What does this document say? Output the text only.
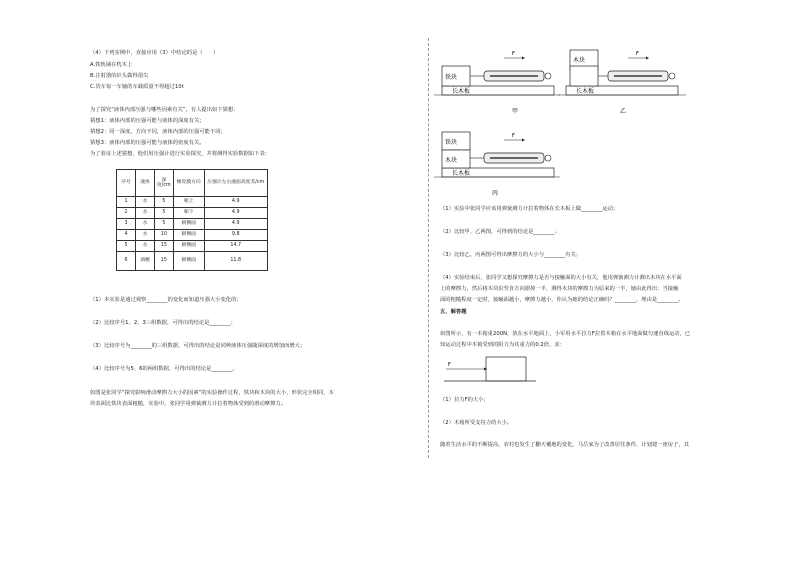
（4）下列实例中，直接应用（3）中结论的是（　　）
A.铁轨铺在枕木上
B.注射器的针头做得很尖
C.货车每一车轴的车载质量不得超过10t
为了探究“液体内部压强与哪些因素有关”，有人提出如下猜想：
猜想1：液体内部的压强可能与液体的深度有关；
猜想2：同一深度，方向不同，液体内部的压强可能不同；
猜想3：液体内部的压强可能与液体的密度有关。
为了验证上述猜想，他们用压强计进行实验探究，并将测得实验数据如下表：
序号	液体	深度/cm	橡皮膜方向	压强计左右液面高度差/cm
1	水	5	朝上	4.9
2	水	5	朝下	4.9
3	水	5	朝侧面	4.9
4	水	10	朝侧面	9.8
5	水	15	朝侧面	14.7
6	酒精	15	朝侧面	11.8
（1）本实验是通过观察________的变化而知道压强大小变化的；
（2）比较序号1、2、3三组数据，可得出的结论是________；
（3）比较序号为________的三组数据，可得出的结论是同种液体压强随深度的增加而增大；
（4）比较序号为5、6的两组数据，可得出的结论是________。
如图是张同学“探究影响滑动摩擦力大小的因素”的实验操作过程，铁块和木块的大小、形状完全相同，木
块表面比铁块表面粗糙，实验中，张同学用弹簧测力计拉着物体受到的滑动摩擦力。
长木板
铁块
F
甲
长木板
木块
F
乙
长木板
铁块
木块
F
丙
（1）实验中张同学应该用弹簧测力计拉着物体在长木板上做________运动；
（2）比较甲、乙两图，可得到的结论是________；
（3）比较乙、丙两图可得出摩擦力的大小与________有关；
（4）实验结束后，张同学又想探究摩擦力是否与接触面的大小有关，他用弹簧测力计测出木块在水平面
上的摩擦力，然后将木块沿竖直方向锯掉一半，测得木块的摩擦力为原来的一半，她由此得出：当接触
面的粗糙程度一定时，接触面越小，摩擦力越小，你认为她的结论正确吗？________，理由是________。
五、解答题
如图所示，有一木箱重200N，放在水平地面上，小军用水平拉力F拉着木箱在水平地面做匀速直线运动，已
知运动过程中木箱受到的阻力为其重力的0.2倍，求：
F
（1）拉力F的大小；
（2）木箱所受支持力的大小。
随着生活水平的不断提高，农村也发生了翻天覆地的变化，马岳家为了改善居住条件，计划建一座房子，其
